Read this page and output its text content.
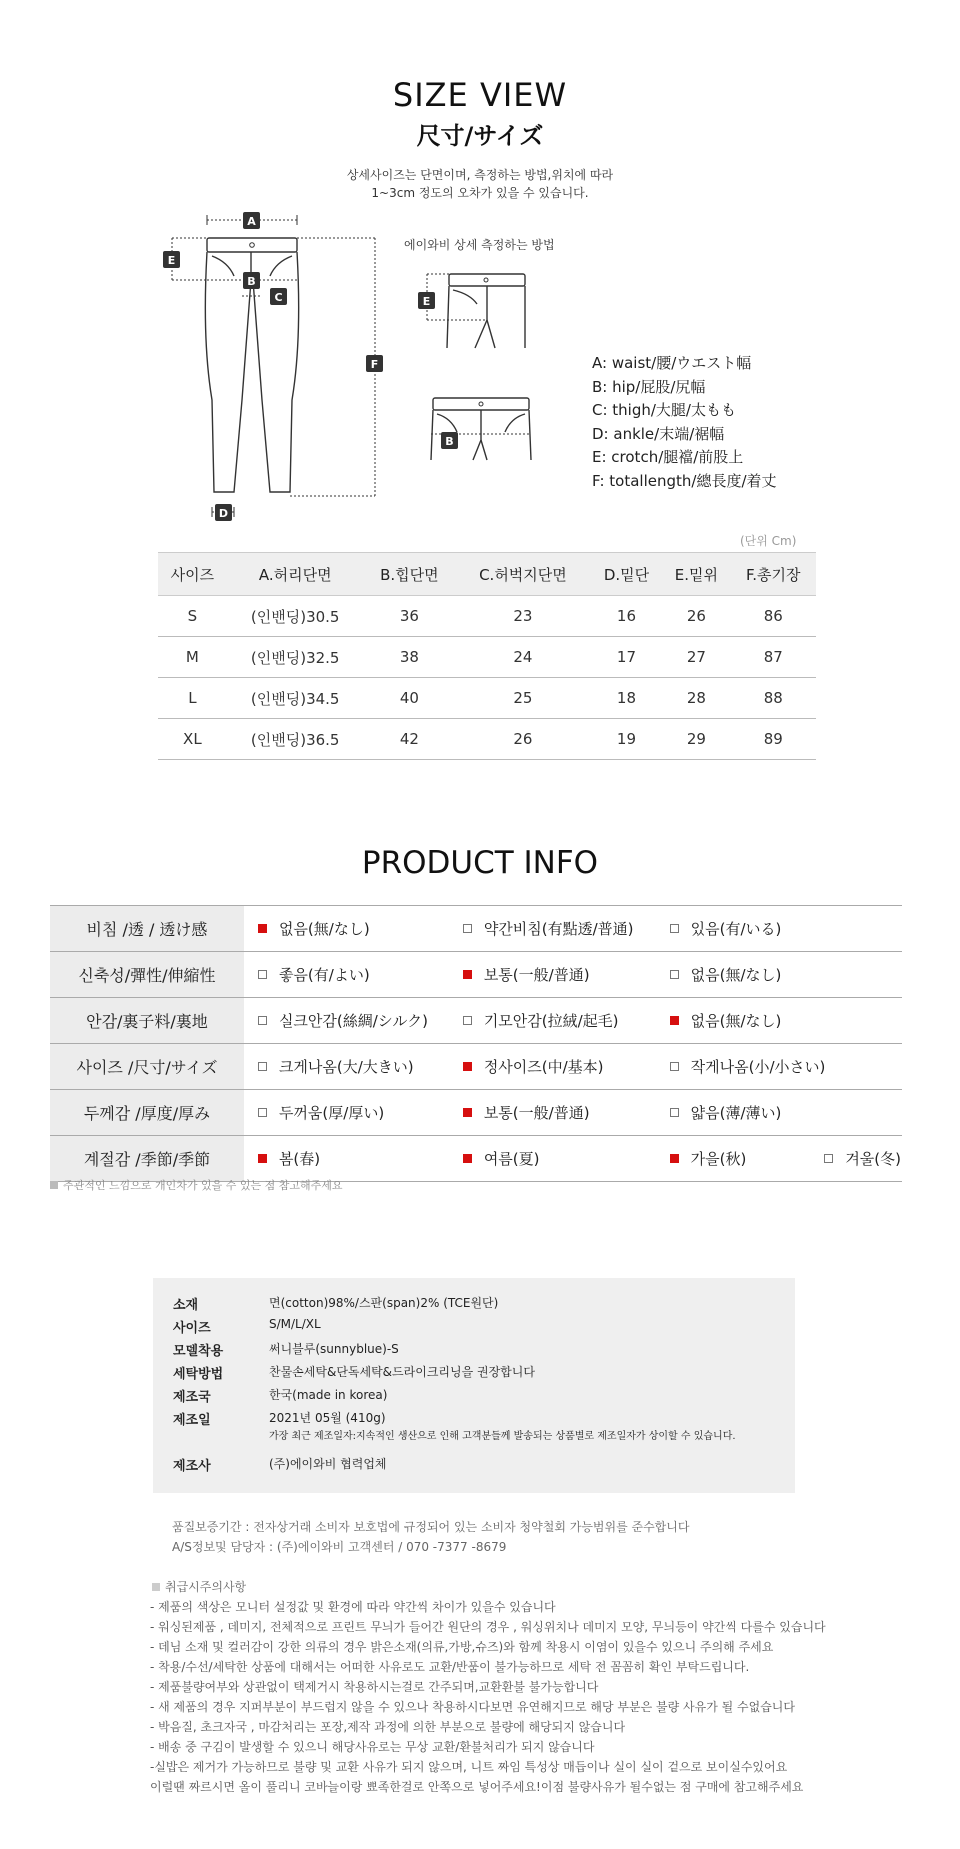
SIZE VIEW
尺寸/サイズ
상세사이즈는 단면이며, 측정하는 방법,위치에 따라
1~3cm 정도의 오차가 있을 수 있습니다.
A
E
B
C
F
D
에이와비 상세 측정하는 방법
E
B
A: waist/腰/ウエスト幅
B: hip/屁股/尻幅
C: thigh/大腿/太もも
D: ankle/末端/裾幅
E: crotch/腿襠/前股上
F: totallength/總長度/着丈
(단위 Cm)
사이즈	A.허리단면	B.힙단면	C.허벅지단면	D.밑단	E.밑위	F.총기장
S	(인밴딩)30.5	36	23	16	26	86
M	(인밴딩)32.5	38	24	17	27	87
L	(인밴딩)34.5	40	25	18	28	88
XL	(인밴딩)36.5	42	26	19	29	89
PRODUCT INFO
비침 /透 / 透け感	없음(無/なし)	약간비침(有點透/普通)	있음(有/いる)	
신축성/彈性/伸縮性	좋음(有/よい)	보통(一般/普通)	없음(無/なし)	
안감/裏子料/裏地	실크안감(絲綢/シルク)	기모안감(拉絨/起毛)	없음(無/なし)	
사이즈 /尺寸/サイズ	크게나옴(大/大きい)	정사이즈(中/基本)	작게나옴(小/小さい)	
두께감 /厚度/厚み	두꺼움(厚/厚い)	보통(一般/普通)	얇음(薄/薄い)	
계절감 /季節/季節	봄(春)	여름(夏)	가을(秋)	겨울(冬)
주관적인 느낌으로 개인차가 있을 수 있는 점 참고해주세요
소재	면(cotton)98%/스판(span)2% (TCE원단)
사이즈	S/M/L/XL
모델착용	써니블루(sunnyblue)-S
세탁방법	찬물손세탁&단독세탁&드라이크리닝을 권장합니다
제조국	한국(made in korea)
제조일	2021년 05월 (410g)
가장 최근 제조일자:지속적인 생산으로 인해 고객분들께 발송되는 상품별로 제조일자가 상이할 수 있습니다.
제조사	(주)에이와비 협력업체
품질보증기간 : 전자상거래 소비자 보호법에 규정되어 있는 소비자 청약철회 가능범위를 준수합니다
A/S정보및 담당자 : (주)에이와비 고객센터 / 070 -7377 -8679
취급시주의사항
- 제품의 색상은 모니터 설정값 및 환경에 따라 약간씩 차이가 있을수 있습니다
- 워싱된제품 , 데미지, 전체적으로 프린트 무늬가 들어간 원단의 경우 , 워싱위치나 데미지 모양, 무늬등이 약간씩 다를수 있습니다
- 데님 소재 및 컬러감이 강한 의류의 경우 밝은소재(의류,가방,슈즈)와 함께 착용시 이염이 있을수 있으니 주의해 주세요
- 착용/수선/세탁한 상품에 대해서는 어떠한 사유로도 교환/반품이 불가능하므로 세탁 전 꼼꼼히 확인 부탁드립니다.
- 제품불량여부와 상관없이 택제거시 착용하시는걸로 간주되며,교환환불 불가능합니다
- 새 제품의 경우 지퍼부분이 부드럽지 않을 수 있으나 착용하시다보면 유연해지므로 해당 부분은 불량 사유가 될 수없습니다
- 박음질, 초크자국 , 마감처리는 포장,제작 과정에 의한 부분으로 불량에 해당되지 않습니다
- 배송 중 구김이 발생할 수 있으니 해당사유로는 무상 교환/환불처리가 되지 않습니다
-실밥은 제거가 가능하므로 불량 및 교환 사유가 되지 않으며, 니트 짜임 특성상 매듭이나 실이 실이 겉으로 보이실수있어요
이럴땐 짜르시면 올이 풀리니 코바늘이랑 뾰족한걸로 안쪽으로 넣어주세요!이점 불량사유가 될수없는 점 구매에 참고해주세요
